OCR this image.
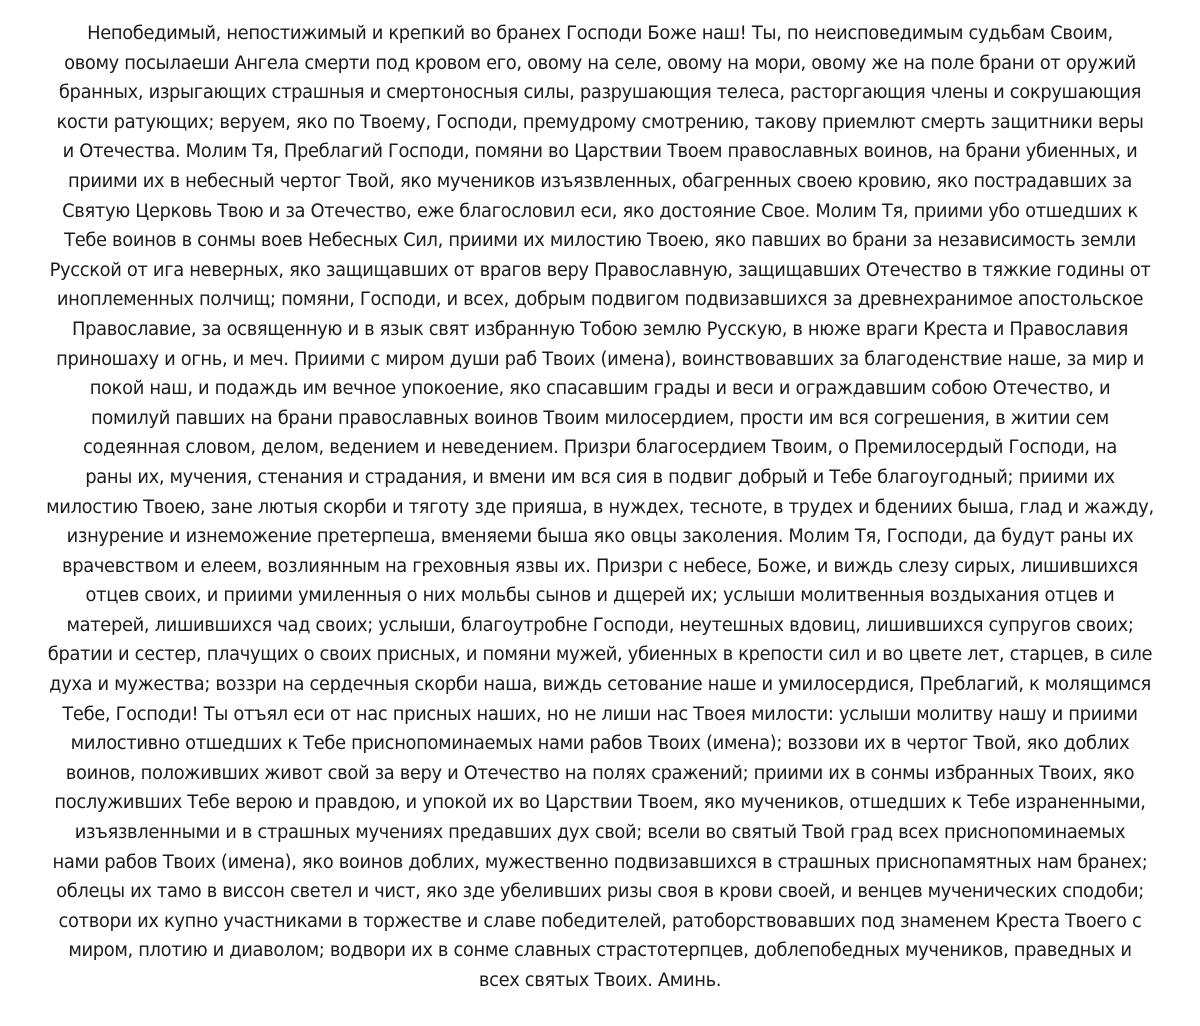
Непобедимый, непостижимый и крепкий во бранех Господи Боже наш! Ты, по неисповедимым судьбам Своим,
овому посылаеши Ангела смерти под кровом его, овому на селе, овому на мори, овому же на поле брани от оружий
бранных, изрыгающих страшныя и смертоносныя силы, разрушающия телеса, расторгающия члены и сокрушающия
кости ратующих; веруем, яко по Твоему, Господи, премудрому смотрению, такову приемлют смерть защитники веры
и Отечества. Молим Тя, Преблагий Господи, помяни во Царствии Твоем православных воинов, на брани убиенных, и
приими их в небесный чертог Твой, яко мучеников изъязвленных, обагренных своею кровию, яко пострадавших за
Святую Церковь Твою и за Отечество, еже благословил еси, яко достояние Свое. Молим Тя, приими убо отшедших к
Тебе воинов в сонмы воев Небесных Сил, приими их милостию Твоею, яко павших во брани за независимость земли
Русской от ига неверных, яко защищавших от врагов веру Православную, защищавших Отечество в тяжкие годины от
иноплеменных полчищ; помяни, Господи, и всех, добрым подвигом подвизавшихся за древнехранимое апостольское
Православие, за освященную и в язык свят избранную Тобою землю Русскую, в нюже враги Креста и Православия
приношаху и огнь, и меч. Приими с миром души раб Твоих (имена), воинствовавших за благоденствие наше, за мир и
покой наш, и подаждь им вечное упокоение, яко спасавшим грады и веси и ограждавшим собою Отечество, и
помилуй павших на брани православных воинов Твоим милосердием, прости им вся согрешения, в житии сем
содеянная словом, делом, ведением и неведением. Призри благосердием Твоим, о Премилосердый Господи, на
раны их, мучения, стенания и страдания, и вмени им вся сия в подвиг добрый и Тебе благоугодный; приими их
милостию Твоею, зане лютыя скорби и тяготу зде прияша, в нуждех, тесноте, в трудех и бдениих быша, глад и жажду,
изнурение и изнеможение претерпеша, вменяеми быша яко овцы заколения. Молим Тя, Господи, да будут раны их
врачевством и елеем, возлиянным на греховныя язвы их. Призри с небесе, Боже, и виждь слезу сирых, лишившихся
отцев своих, и приими умиленныя о них мольбы сынов и дщерей их; услыши молитвенныя воздыхания отцев и
матерей, лишившихся чад своих; услыши, благоутробне Господи, неутешных вдовиц, лишившихся супругов своих;
братии и сестер, плачущих о своих присных, и помяни мужей, убиенных в крепости сил и во цвете лет, старцев, в силе
духа и мужества; воззри на сердечныя скорби наша, виждь сетование наше и умилосердися, Преблагий, к молящимся
Тебе, Господи! Ты отъял еси от нас присных наших, но не лиши нас Твоея милости: услыши молитву нашу и приими
милостивно отшедших к Тебе приснопоминаемых нами рабов Твоих (имена); воззови их в чертог Твой, яко доблих
воинов, положивших живот свой за веру и Отечество на полях сражений; приими их в сонмы избранных Твоих, яко
послуживших Тебе верою и правдою, и упокой их во Царствии Твоем, яко мучеников, отшедших к Тебе израненными,
изъязвленными и в страшных мучениях предавших дух свой; всели во святый Твой град всех приснопоминаемых
нами рабов Твоих (имена), яко воинов доблих, мужественно подвизавшихся в страшных приснопамятных нам бранех;
облецы их тамо в виссон светел и чист, яко зде убеливших ризы своя в крови своей, и венцев мученических сподоби;
сотвори их купно участниками в торжестве и славе победителей, ратоборствовавших под знаменем Креста Твоего с
миром, плотию и диаволом; водвори их в сонме славных страстотерпцев, доблепобедных мучеников, праведных и
всех святых Твоих. Аминь.
